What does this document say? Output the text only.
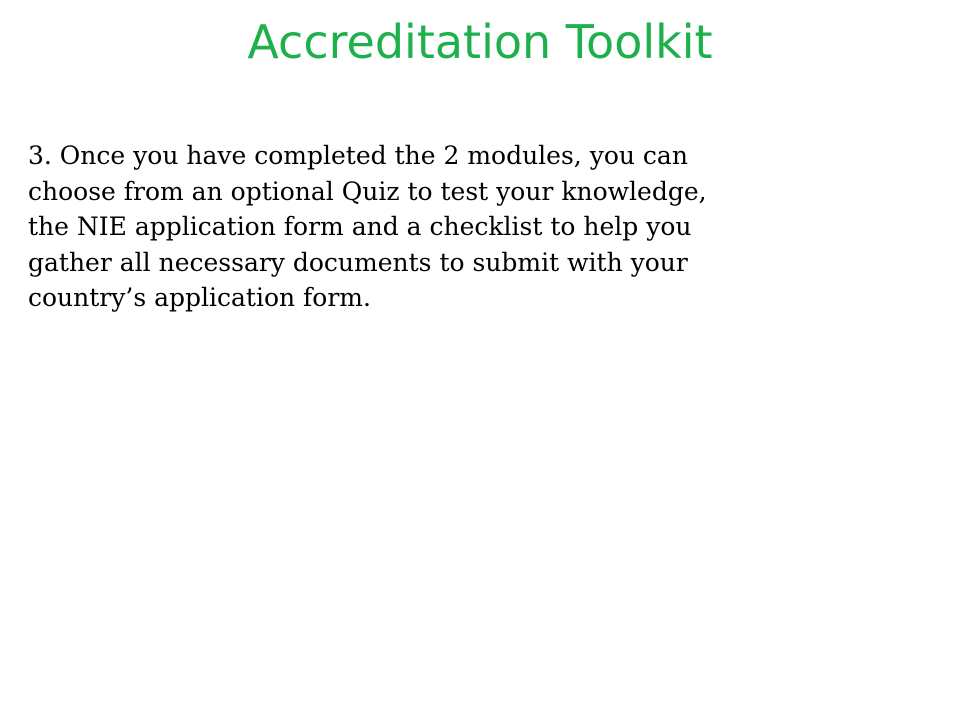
Accreditation Toolkit
3. Once you have completed the 2 modules, you can
choose from an optional Quiz to test your knowledge,
the NIE application form and a checklist to help you
gather all necessary documents to submit with your
country’s application form.
